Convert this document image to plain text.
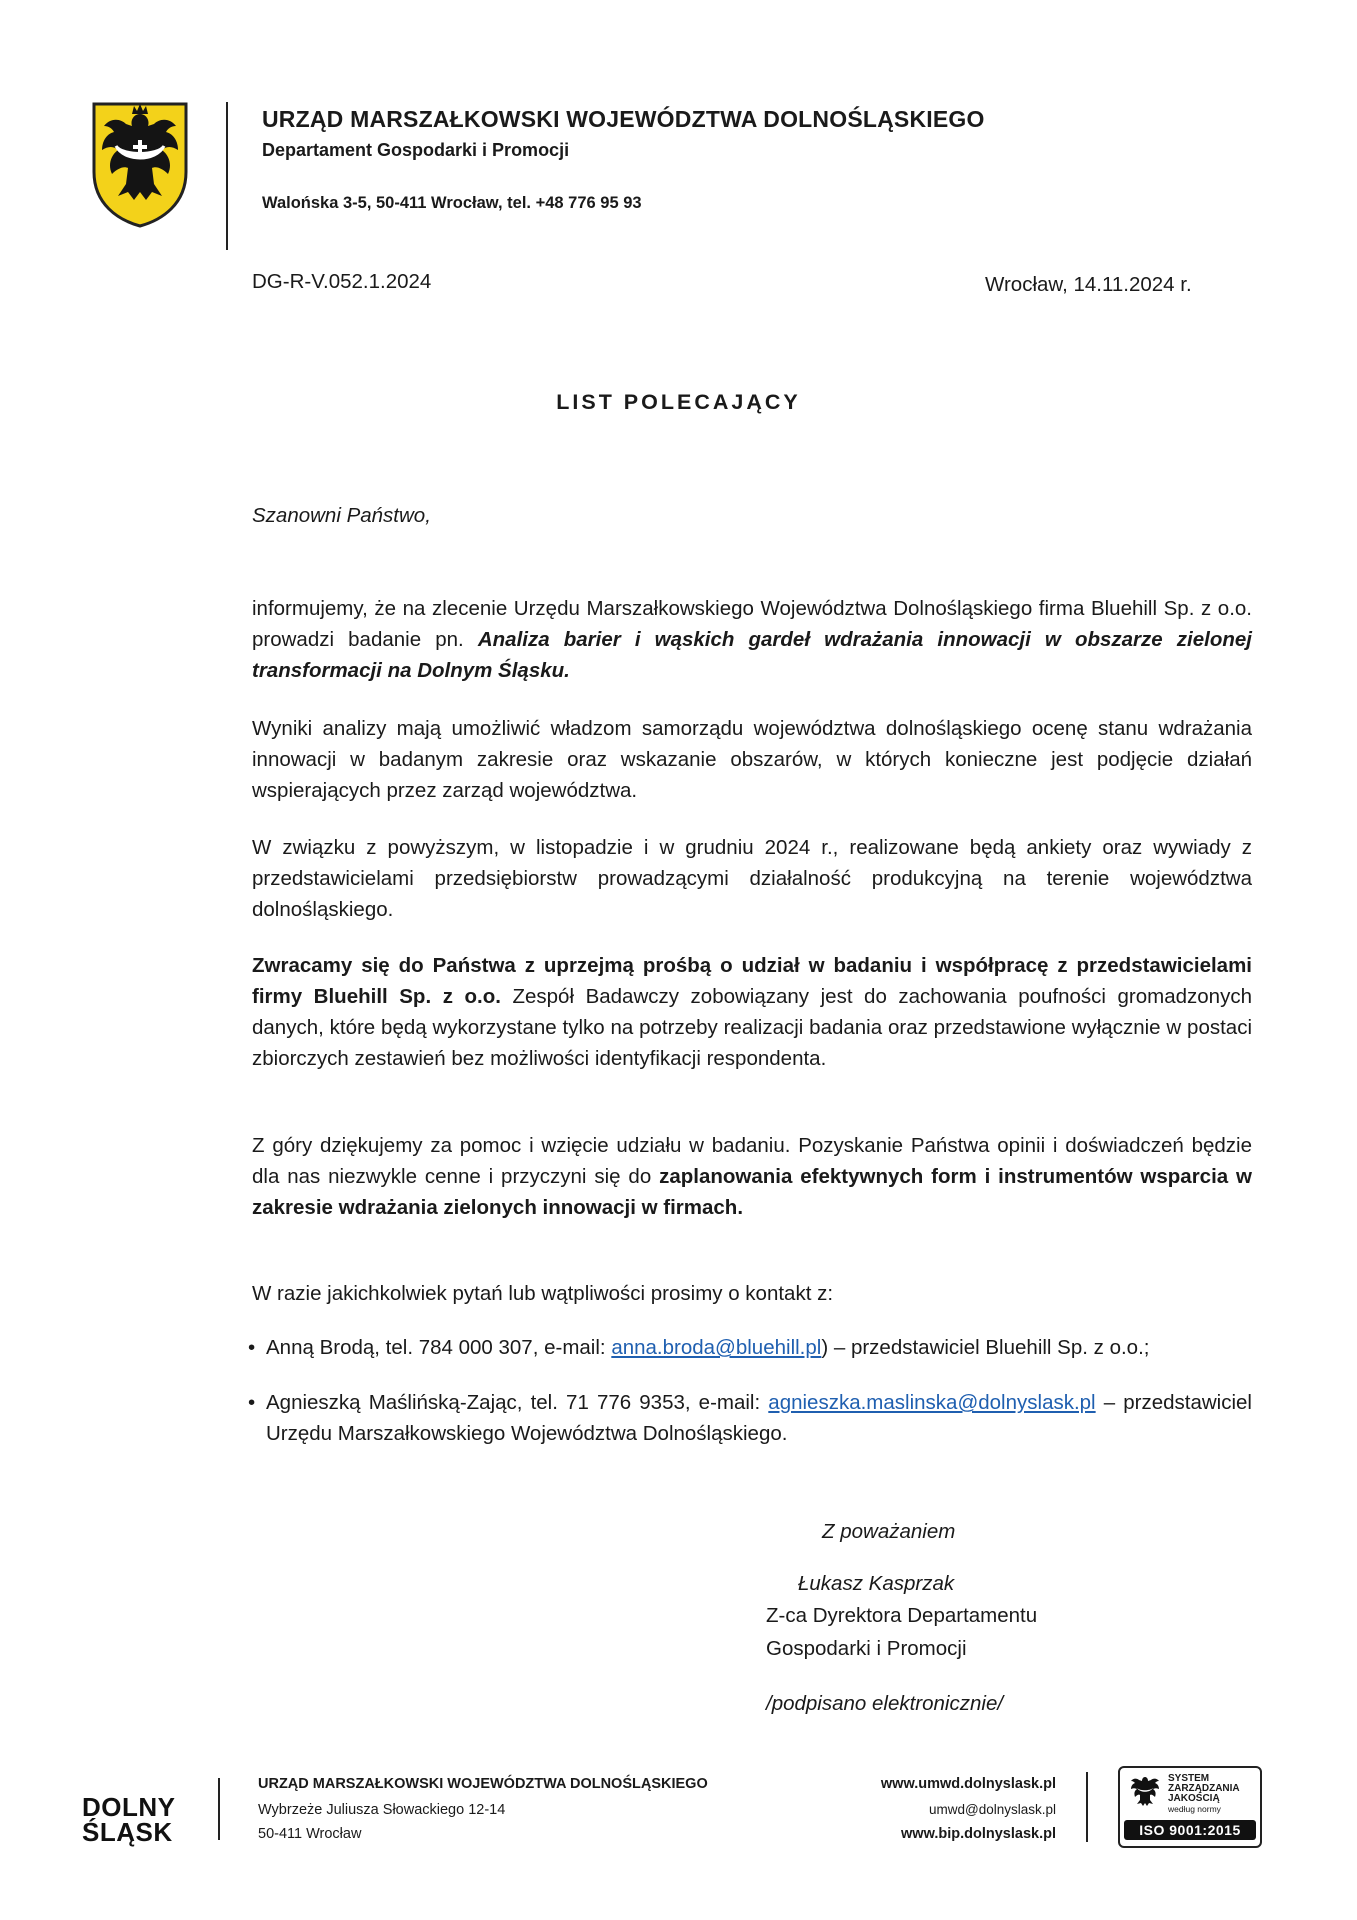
URZĄD MARSZAŁKOWSKI WOJEWÓDZTWA DOLNOŚLĄSKIEGO
Departament Gospodarki i Promocji
Walońska 3-5, 50-411 Wrocław, tel. +48 776 95 93
DG-R-V.052.1.2024	Wrocław, 14.11.2024 r.
LIST POLECAJĄCY
Szanowni Państwo,
informujemy, że na zlecenie Urzędu Marszałkowskiego Województwa Dolnośląskiego firma Bluehill Sp. z o.o. prowadzi badanie pn. Analiza barier i wąskich gardeł wdrażania innowacji w obszarze zielonej transformacji na Dolnym Śląsku.
Wyniki analizy mają umożliwić władzom samorządu województwa dolnośląskiego ocenę stanu wdrażania innowacji w badanym zakresie oraz wskazanie obszarów, w których konieczne jest podjęcie działań wspierających przez zarząd województwa.
W związku z powyższym, w listopadzie i w grudniu 2024 r., realizowane będą ankiety oraz wywiady z przedstawicielami przedsiębiorstw prowadzącymi działalność produkcyjną na terenie województwa dolnośląskiego.
Zwracamy się do Państwa z uprzejmą prośbą o udział w badaniu i współpracę z przedstawicielami firmy Bluehill Sp. z o.o. Zespół Badawczy zobowiązany jest do zachowania poufności gromadzonych danych, które będą wykorzystane tylko na potrzeby realizacji badania oraz przedstawione wyłącznie w postaci zbiorczych zestawień bez możliwości identyfikacji respondenta.
Z góry dziękujemy za pomoc i wzięcie udziału w badaniu. Pozyskanie Państwa opinii i doświadczeń będzie dla nas niezwykle cenne i przyczyni się do zaplanowania efektywnych form i instrumentów wsparcia w zakresie wdrażania zielonych innowacji w firmach.
W razie jakichkolwiek pytań lub wątpliwości prosimy o kontakt z:
• Anną Brodą, tel. 784 000 307, e-mail: anna.broda@bluehill.pl) – przedstawiciel Bluehill Sp. z o.o.;
• Agnieszką Maślińską-Zając, tel. 71 776 9353, e-mail: agnieszka.maslinska@dolnyslask.pl – przedstawiciel Urzędu Marszałkowskiego Województwa Dolnośląskiego.
Z poważaniem
Łukasz Kasprzak
Z-ca Dyrektora Departamentu
Gospodarki i Promocji
/podpisano elektronicznie/
DOLNY
ŚLĄSK
URZĄD MARSZAŁKOWSKI WOJEWÓDZTWA DOLNOŚLĄSKIEGO
Wybrzeże Juliusza Słowackiego 12-14
50-411 Wrocław
www.umwd.dolnyslask.pl
umwd@dolnyslask.pl
www.bip.dolnyslask.pl
SYSTEM
ZARZĄDZANIA
JAKOŚCIĄ
według normy
ISO 9001:2015
